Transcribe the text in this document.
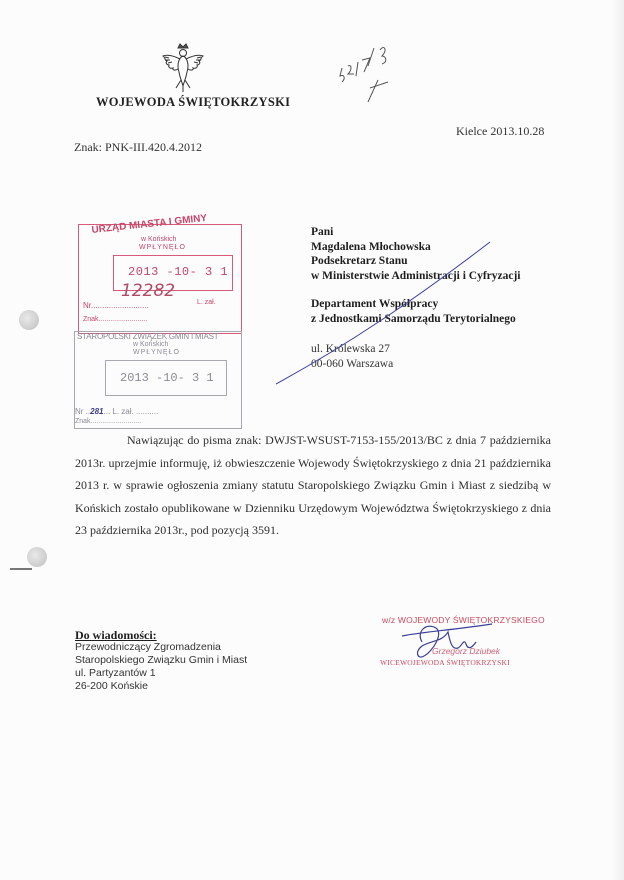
WOJEWODA ŚWIĘTOKRZYSKI
Kielce 2013.10.28
Znak: PNK-III.420.4.2012
URZĄD MIASTA I GMINY
w Końskich
WPŁYNĘŁO
2013 -10- 3 1
12282
Nr..........................	L. zał.
Znak.........................
STAROPOLSKI ZWIĄZEK GMIN I MIAST
w Końskich
WPŁYNĘŁO
2013 -10- 3 1
Nr ..281... L. zał. ..........
Znak..........................
Pani
Magdalena Młochowska
Podsekretarz Stanu
w Ministerstwie Administracji i Cyfryzacji
Departament Współpracy
z Jednostkami Samorządu Terytorialnego
ul. Królewska 27
00-060 Warszawa

Nawiązując do pisma znak: DWJST-WSUST-7153-155/2013/BC z dnia 7 października 2013r. uprzejmie informuję, iż obwieszczenie Wojewody Świętokrzyskiego z dnia 21 października 2013 r. w sprawie ogłoszenia zmiany statutu Staropolskiego Związku Gmin i Miast z siedzibą w Końskich zostało opublikowane w Dzienniku Urzędowym Województwa Świętokrzyskiego z dnia 23 października 2013r., pod pozycją 3591.

Do wiadomości:
Przewodniczący Zgromadzenia
Staropolskiego Związku Gmin i Miast
ul. Partyzantów 1
26-200 Końskie
w/z WOJEWODY ŚWIĘTOKRZYSKIEGO
Grzegorz Dziubek
WICEWOJEWODA ŚWIĘTOKRZYSKI
